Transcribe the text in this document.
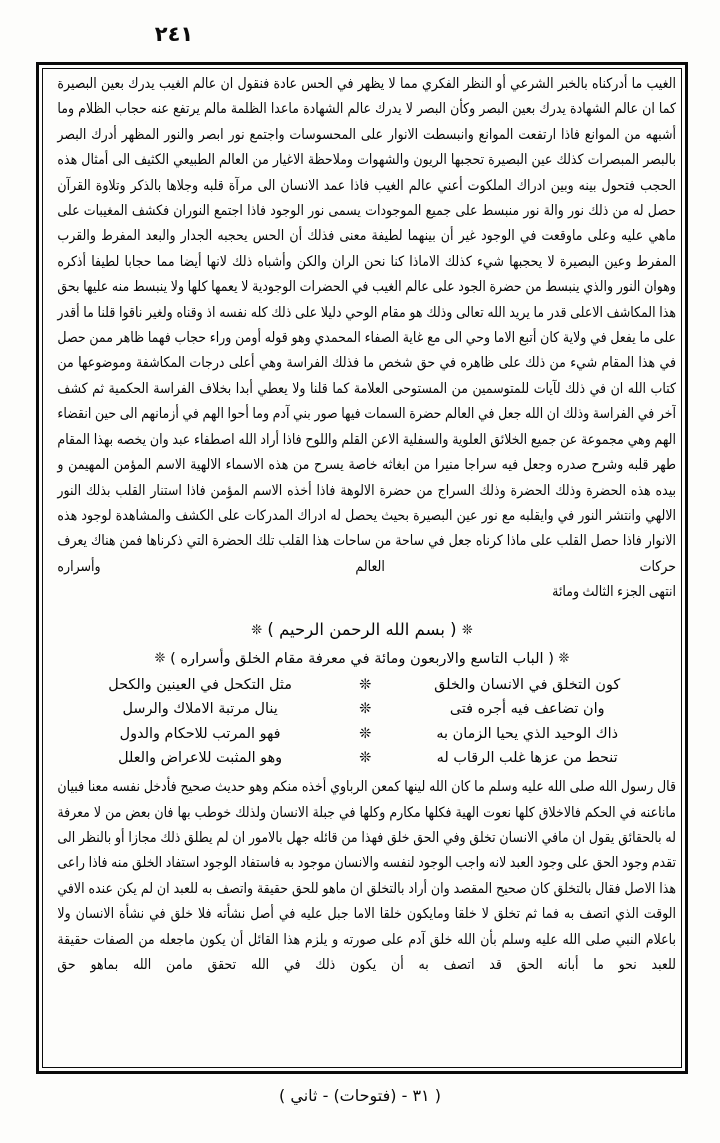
٢٤١

الغيب ما أدركناه بالخبر الشرعي أو النظر الفكري مما لا يظهر في الحس عادة فنقول ان عالم الغيب يدرك بعين البصيرة كما ان عالم الشهادة يدرك بعين البصر وكأن البصر لا يدرك عالم الشهادة ماعدا الظلمة مالم يرتفع عنه حجاب الظلام وما أشبهه من الموانع فاذا ارتفعت الموانع وانبسطت الانوار على المحسوسات واجتمع نور ابصر والنور المظهر أدرك البصر بالبصر المبصرات كذلك عين البصيرة تحجبها الريون والشهوات وملاحظة الاغيار من العالم الطبيعي الكثيف الى أمثال هذه الحجب فتحول بينه وبين ادراك الملكوت أعني عالم الغيب فاذا عمد الانسان الى مرآة قلبه وجلاها بالذكر وتلاوة القرآن حصل له من ذلك نور والة نور منبسط على جميع الموجودات يسمى نور الوجود فاذا اجتمع النوران فكشف المغيبات على ماهي عليه وعلى ماوقعت في الوجود غير أن بينهما لطيفة معنى فذلك أن الحس يحجبه الجدار والبعد المفرط والقرب المفرط وعين البصيرة لا يحجبها شيء كذلك الاماذا كنا نحن الران والكن وأشباه ذلك لانها أيضا مما حجابا لطيفا أذكره وهوان النور والذي ينبسط من حضرة الجود على عالم الغيب في الحضرات الوجودية لا يعمها كلها ولا ينبسط منه عليها بحق هذا المكاشف الاعلى قدر ما يريد الله تعالى وذلك هو مقام الوحي دليلا على ذلك كله نفسه اذ وقناه ولغير ناقوا قلنا ما أقدر على ما يفعل في ولاية كان أتبع الاما وحي الى مع غاية الصفاء المحمدي وهو قوله أومن وراء حجاب فهما ظاهر ممن حصل في هذا المقام شيء من ذلك على ظاهره في حق شخص ما فذلك الفراسة وهي أعلى درجات المكاشفة وموضوعها من كتاب الله ان في ذلك لآيات للمتوسمين من المستوحى العلامة كما قلنا ولا يعطي أبدا بخلاف الفراسة الحكمية ثم كشف آخر في الفراسة وذلك ان الله جعل في العالم حضرة السمات فيها صور بني آدم وما أحوا الهم في أزمانهم الى حين انقضاء الهم وهي مجموعة عن جميع الخلائق العلوية والسفلية الاعن القلم واللوح فاذا أراد الله اصطفاء عبد وان يخصه بهذا المقام طهر قلبه وشرح صدره وجعل فيه سراجا منيرا من ابغاثه خاصة يسرح من هذه الاسماء الالهية الاسم المؤمن المهيمن و بيده هذه الحضرة وذلك الحضرة وذلك السراج من حضرة الالوهة فاذا أخذه الاسم المؤمن فاذا استنار القلب بذلك النور الالهي وانتشر النور في وايقلبه مع نور عين البصيرة بحيث يحصل له ادراك المدركات على الكشف والمشاهدة لوجود هذه الانوار فاذا حصل القلب على ماذا كرناه جعل في ساحة من ساحات هذا القلب تلك الحضرة التي ذكرناها فمن هناك يعرف حركات العالم وأسراره

انتهى الجزء الثالث ومائة

❊ ( بسم الله الرحمن الرحيم ) ❊
❊ ( الباب التاسع والاربعون ومائة في معرفة مقام الخلق وأسراره ) ❊
كون التخلق في الانسان والخلق	❊	مثل التكحل في العينين والكحل
وان تضاعف فيه أجره فتى	❊	ينال مرتبة الاملاك والرسل
ذاك الوحيد الذي يحيا الزمان به	❊	فهو المرتب للاحكام والدول
تنحط من عزها غلب الرقاب له	❊	وهو المثبت للاعراض والعلل

قال رسول الله صلى الله عليه وسلم ما كان الله لينها كمعن الرباوي أخذه منكم وهو حديث صحيح فأدخل نفسه معنا فبيان ماناعنه في الحكم فالاخلاق كلها نعوت الهية فكلها مكارم وكلها في جبلة الانسان ولذلك خوطب بها فان بعض من لا معرفة له بالحقائق يقول ان مافي الانسان تخلق وفي الحق خلق فهذا من قائله جهل بالامور ان لم يطلق ذلك مجازا أو بالنظر الى تقدم وجود الحق على وجود العبد لانه واجب الوجود لنفسه والانسان موجود به فاستفاد الوجود استفاد الخلق منه فاذا راعى هذا الاصل فقال بالتخلق كان صحيح المقصد وان أراد بالتخلق ان ماهو للحق حقيقة واتصف به للعبد ان لم يكن عنده الافي الوقت الذي اتصف به فما ثم تخلق لا خلقا ومايكون خلقا الاما جبل عليه في أصل نشأته فلا خلق في نشأة الانسان ولا باعلام النبي صلى الله عليه وسلم بأن الله خلق آدم على صورته و يلزم هذا القائل أن يكون ماجعله من الصفات حقيقة للعبد نحو ما أبانه الحق قد اتصف به أن يكون ذلك في الله تحقق مامن الله بماهو حق

( ٣١ - (فتوحات) - ثاني )
